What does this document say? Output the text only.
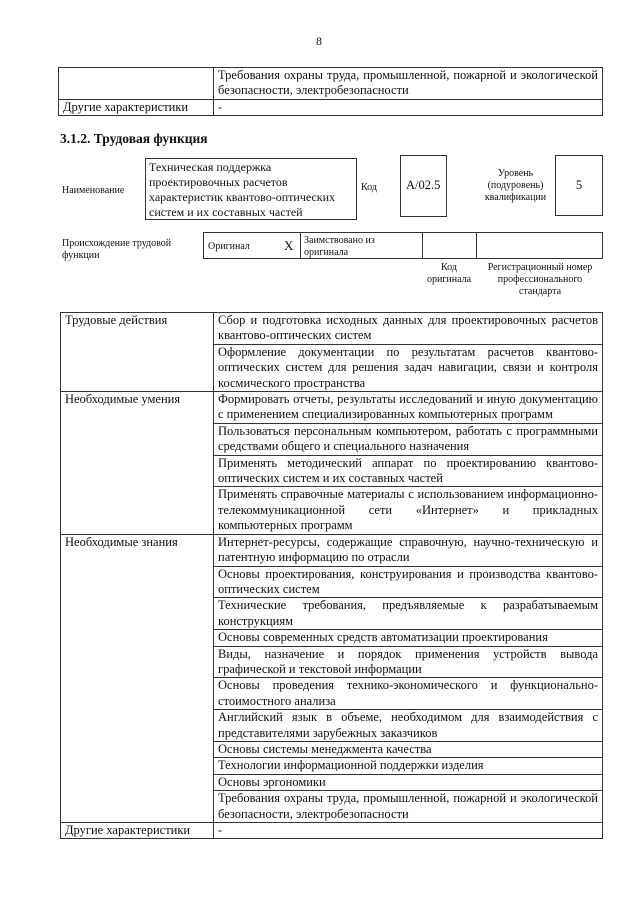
8
	Требования охраны труда, промышленной, пожарной и экологической безопасности, электробезопасности
Другие характеристики	-
3.1.2. Трудовая функция
Наименование
Техническая поддержка проектировочных расчетов характеристик квантово-оптических систем и их составных частей
Код	A/02.5
Уровень (подуровень) квалификации
5
Происхождение трудовой функции
Оригинал	X Заимствовано из оригинала
Код оригинала
Регистрационный номер профессионального стандарта
Трудовые действия	Сбор и подготовка исходных данных для проектировочных расчетов квантово-оптических систем
	Оформление документации по результатам расчетов квантово-оптических систем для решения задач навигации, связи и контроля космического пространства
Необходимые умения	Формировать отчеты, результаты исследований и иную документацию с применением специализированных компьютерных программ
	Пользоваться персональным компьютером, работать с программными средствами общего и специального назначения
	Применять методический аппарат по проектированию квантово-оптических систем и их составных частей
	Применять справочные материалы с использованием информационно-телекоммуникационной сети «Интернет» и прикладных компьютерных программ
Необходимые знания	Интернет-ресурсы, содержащие справочную, научно-техническую и патентную информацию по отрасли
	Основы проектирования, конструирования и производства квантово-оптических систем
	Технические требования, предъявляемые к разрабатываемым конструкциям
	Основы современных средств автоматизации проектирования
	Виды, назначение и порядок применения устройств вывода графической и текстовой информации
	Основы проведения технико-экономического и функционально-стоимостного анализа
	Английский язык в объеме, необходимом для взаимодействия с представителями зарубежных заказчиков
	Основы системы менеджмента качества
	Технологии информационной поддержки изделия
	Основы эргономики
	Требования охраны труда, промышленной, пожарной и экологической безопасности, электробезопасности
Другие характеристики	-
